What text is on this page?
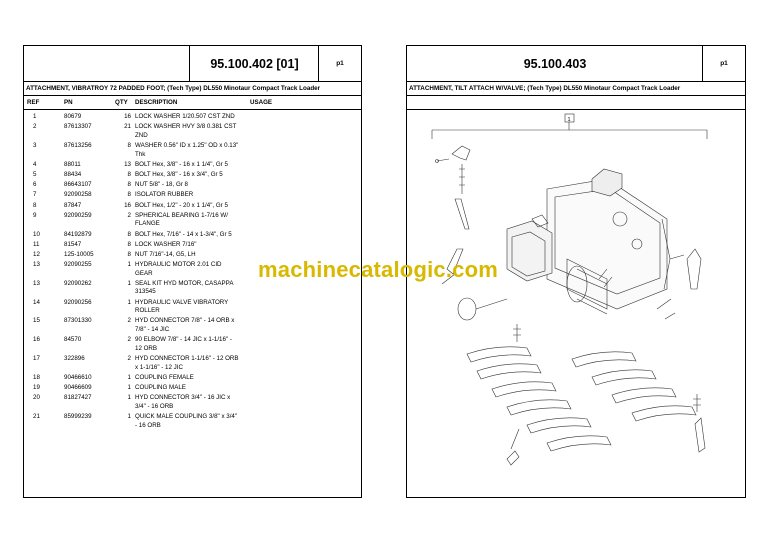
95.100.402 [01]	p1
ATTACHMENT, VIBRATROY 72 PADDED FOOT; (Tech Type) DL550 Minotaur Compact Track Loader
REF	PN	QTY DESCRIPTION	USAGE
1	80679	16 LOCK WASHER 1/20.507 CST ZND
2	87613307	21 LOCK WASHER HVY 3/8 0.381 CST
ZND
3	87613256	8 WASHER 0.56" ID x 1.25" OD x 0.13"
Thk
4	88011	13 BOLT Hex, 3/8" - 16 x 1 1/4", Gr 5
5	88434	8 BOLT Hex, 3/8" - 16 x 3/4", Gr 5
6	86643107	8 NUT 5/8" - 18, Gr 8
7	92090258	8 ISOLATOR RUBBER
8	87847	16 BOLT Hex, 1/2" - 20 x 1 1/4", Gr 5
9	92090259	2 SPHERICAL BEARING 1-7/16 W/
FLANGE
10	84192879	8 BOLT Hex, 7/16" - 14 x 1-3/4", Gr 5
11	81547	8 LOCK WASHER 7/16"
12	125-10005	8 NUT 7/16"-14, G5, LH
13	92090255	1 HYDRAULIC MOTOR 2.01 CID
GEAR
13	92090262	1 SEAL KIT HYD MOTOR, CASAPPA
313545
14	92090256	1 HYDRAULIC VALVE VIBRATORY
ROLLER
15	87301330	2 HYD CONNECTOR 7/8" - 14 ORB x
7/8" - 14 JIC
16	84570	2 90 ELBOW 7/8" - 14 JIC x 1-1/16" -
12 ORB
17	322896	2 HYD CONNECTOR 1-1/16" - 12 ORB
x 1-1/16" - 12 JIC
18	90466610	1 COUPLING FEMALE
19	90466609	1 COUPLING MALE
20	81827427	1 HYD CONNECTOR 3/4" - 16 JIC x
3/4" - 16 ORB
21	85999239	1 QUICK MALE COUPLING 3/8" x 3/4"
- 16 ORB
95.100.403	p1
ATTACHMENT, TILT ATTACH W/VALVE; (Tech Type) DL550 Minotaur Compact Track Loader
1
machinecatalogic.com
